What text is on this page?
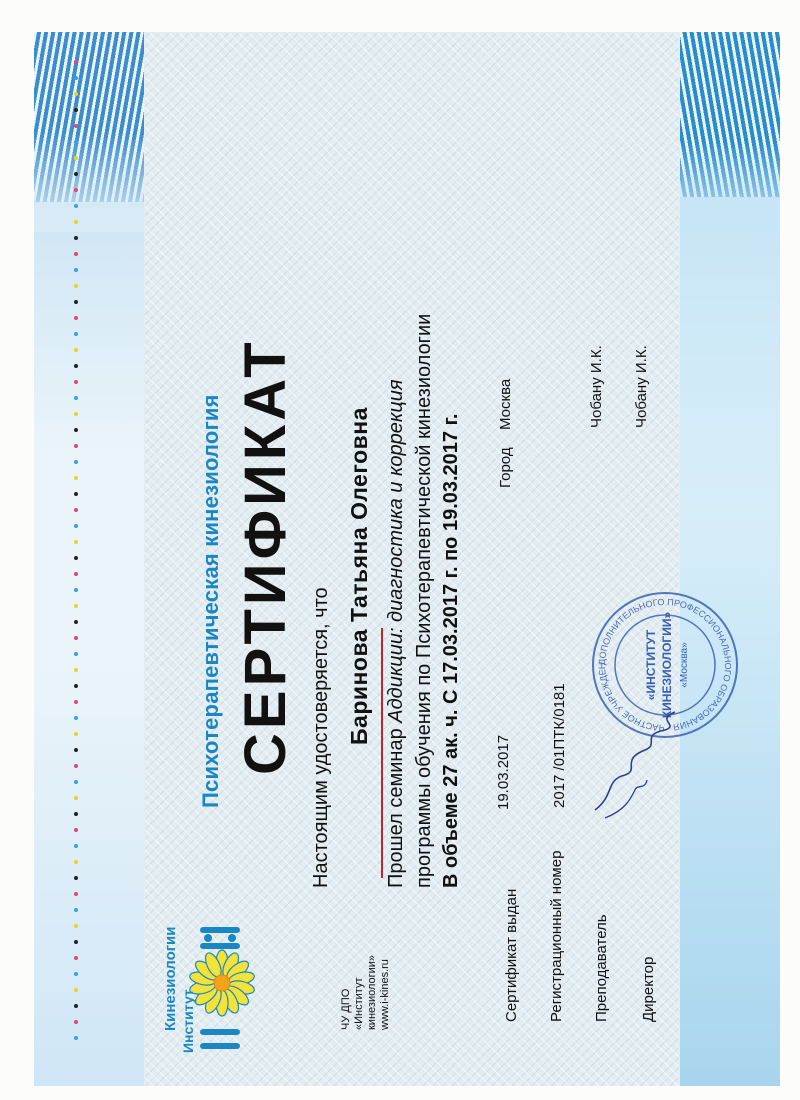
Психотерапевтическая кинезиология СЕРТИФИКАТ Настоящим удостоверяется, что Баринова Татьяна Олеговна
Прошел семинар Аддикции: диагностика и коррекция программы обучения по Психотерапевтической кинезиологии В объеме 27 ак. ч. С 17.03.2017 г. по 19.03.2017 г.
Сертификат выдан
19.03.2017
Город
Москва
Регистрационный номер
2017 /01ПТК/0181
Преподаватель
Чобану И.К.
Директор
Чобану И.К.
Институт
Кинезиологии	ЧУ ДПО «Институт кинезиологии» www.i-kines.ru
ДОПОЛНИТЕЛЬНОГО ПРОФЕССИОНАЛЬНОГО ОБРАЗОВАНИЯ · ЧАСТНОЕ УЧРЕЖДЕН	«ИНСТИТУТ КИНЕЗИОЛОГИИ» «Москва»
